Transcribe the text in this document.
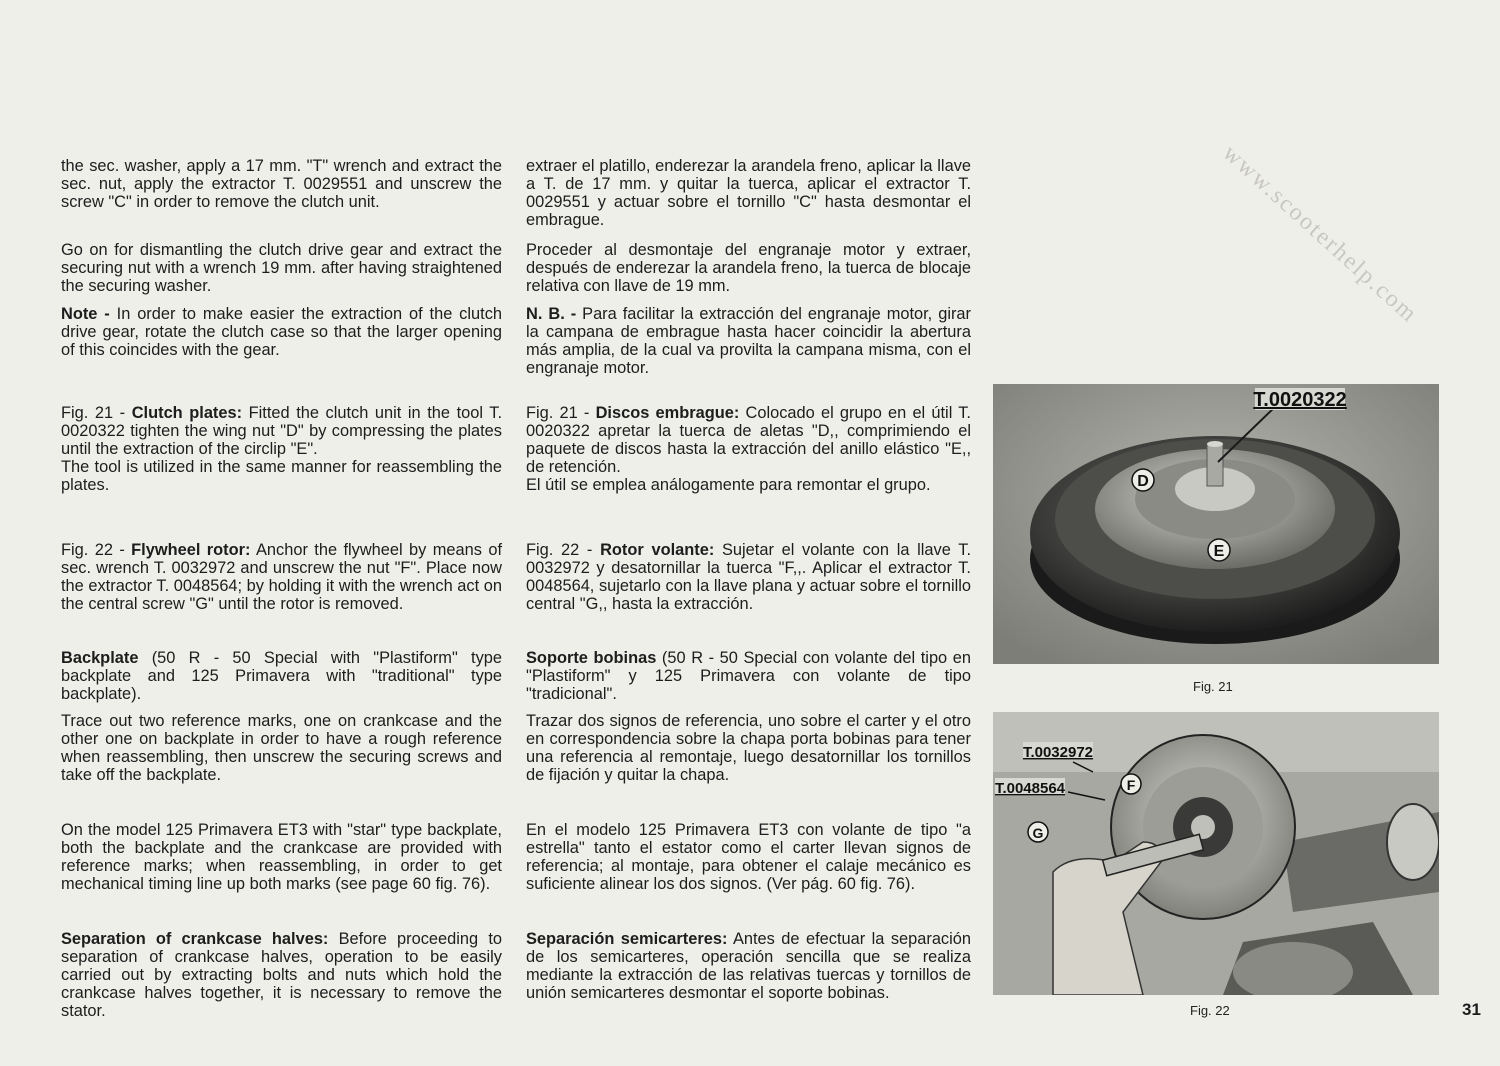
www.scooterhelp.com

the sec. washer, apply a 17 mm. "T" wrench and extract the sec. nut, apply the extractor T. 0029551 and unscrew the screw "C" in order to remove the clutch unit.

Go on for dismantling the clutch drive gear and extract the securing nut with a wrench 19 mm. after having straightened the securing washer.

Note - In order to make easier the extraction of the clutch drive gear, rotate the clutch case so that the larger opening of this coincides with the gear.

Fig. 21 - Clutch plates: Fitted the clutch unit in the tool T. 0020322 tighten the wing nut "D" by compressing the plates until the extraction of the circlip "E".
The tool is utilized in the same manner for reassembling the plates.

Fig. 22 - Flywheel rotor: Anchor the flywheel by means of sec. wrench T. 0032972 and unscrew the nut "F". Place now the extractor T. 0048564; by holding it with the wrench act on the central screw "G" until the rotor is removed.

Backplate (50 R - 50 Special with "Plastiform" type backplate and 125 Primavera with "traditional" type backplate).

Trace out two reference marks, one on crankcase and the other one on backplate in order to have a rough reference when reassembling, then unscrew the securing screws and take off the backplate.

On the model 125 Primavera ET3 with "star" type backplate, both the backplate and the crankcase are provided with reference marks; when reassembling, in order to get mechanical timing line up both marks (see page 60 fig. 76).

Separation of crankcase halves: Before proceeding to separation of crankcase halves, operation to be easily carried out by extracting bolts and nuts which hold the crankcase halves together, it is necessary to remove the stator.

extraer el platillo, enderezar la arandela freno, aplicar la llave a T. de 17 mm. y quitar la tuerca, aplicar el extractor T. 0029551 y actuar sobre el tornillo "C" hasta desmontar el embrague.

Proceder al desmontaje del engranaje motor y extraer, después de enderezar la arandela freno, la tuerca de blocaje relativa con llave de 19 mm.

N. B. - Para facilitar la extracción del engranaje motor, girar la campana de embrague hasta hacer coincidir la abertura más amplia, de la cual va provilta la campana misma, con el engranaje motor.

Fig. 21 - Discos embrague: Colocado el grupo en el útil T. 0020322 apretar la tuerca de aletas "D,, comprimiendo el paquete de discos hasta la extracción del anillo elástico "E,, de retención.
El útil se emplea análogamente para remontar el grupo.

Fig. 22 - Rotor volante: Sujetar el volante con la llave T. 0032972 y desatornillar la tuerca "F,,. Aplicar el extractor T. 0048564, sujetarlo con la llave plana y actuar sobre el tornillo central "G,, hasta la extracción.

Soporte bobinas (50 R - 50 Special con volante del tipo en "Plastiform" y 125 Primavera con volante de tipo "tradicional".

Trazar dos signos de referencia, uno sobre el carter y el otro en correspondencia sobre la chapa porta bobinas para tener una referencia al remontaje, luego desatornillar los tornillos de fijación y quitar la chapa.

En el modelo 125 Primavera ET3 con volante de tipo "a estrella" tanto el estator como el carter llevan signos de referencia; al montaje, para obtener el calaje mecánico es suficiente alinear los dos signos. (Ver pág. 60 fig. 76).

Separación semicarteres: Antes de efectuar la separación de los semicarteres, operación sencilla que se realiza mediante la extracción de las relativas tuercas y tornillos de unión semicarteres desmontar el soporte bobinas.

T.0020322
D
E
Fig. 21
T.0032972
T.0048564	F
G
Fig. 22	31
